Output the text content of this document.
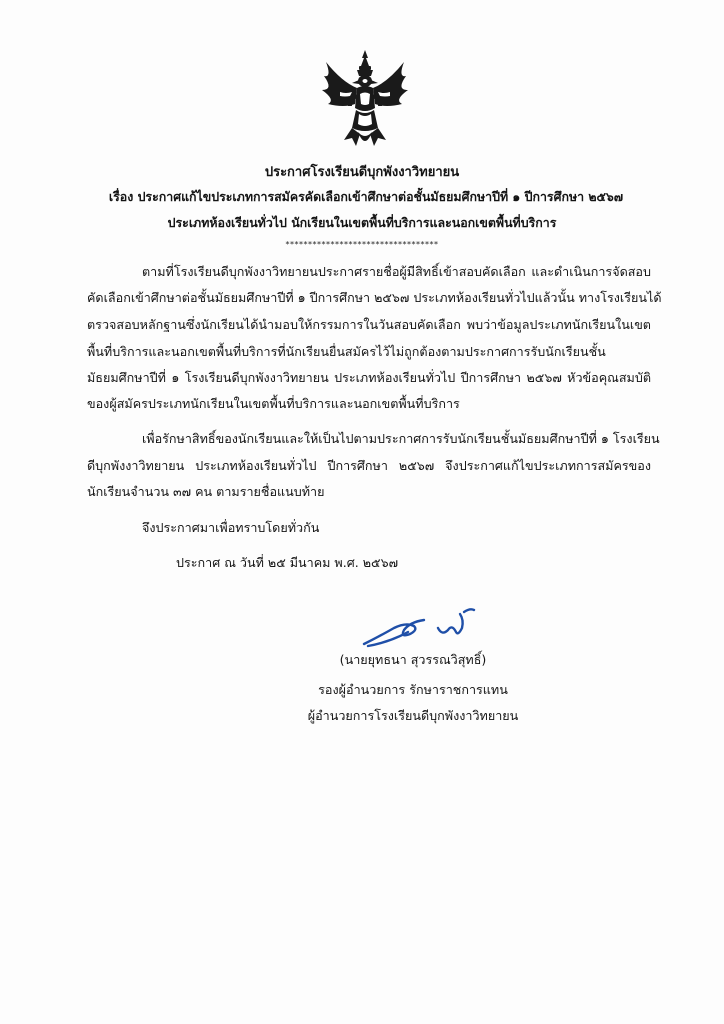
ประกาศโรงเรียนดีบุกพังงาวิทยายน
เรื่อง ประกาศแก้ไขประเภทการสมัครคัดเลือกเข้าศึกษาต่อชั้นมัธยมศึกษาปีที่ ๑ ปีการศึกษา ๒๕๖๗
ประเภทห้องเรียนทั่วไป นักเรียนในเขตพื้นที่บริการและนอกเขตพื้นที่บริการ
**********************************
ตามที่โรงเรียนดีบุกพังงาวิทยายนประกาศรายชื่อผู้มีสิทธิ์เข้าสอบคัดเลือก และดำเนินการจัดสอบ
คัดเลือกเข้าศึกษาต่อชั้นมัธยมศึกษาปีที่ ๑ ปีการศึกษา ๒๕๖๗ ประเภทห้องเรียนทั่วไปแล้วนั้น ทางโรงเรียนได้
ตรวจสอบหลักฐานซึ่งนักเรียนได้นำมอบให้กรรมการในวันสอบคัดเลือก พบว่าข้อมูลประเภทนักเรียนในเขต
พื้นที่บริการและนอกเขตพื้นที่บริการที่นักเรียนยื่นสมัครไว้ไม่ถูกต้องตามประกาศการรับนักเรียนชั้น
มัธยมศึกษาปีที่ ๑ โรงเรียนดีบุกพังงาวิทยายน ประเภทห้องเรียนทั่วไป ปีการศึกษา ๒๕๖๗ หัวข้อคุณสมบัติ
ของผู้สมัครประเภทนักเรียนในเขตพื้นที่บริการและนอกเขตพื้นที่บริการ
เพื่อรักษาสิทธิ์ของนักเรียนและให้เป็นไปตามประกาศการรับนักเรียนชั้นมัธยมศึกษาปีที่ ๑ โรงเรียน
ดีบุกพังงาวิทยายน ประเภทห้องเรียนทั่วไป ปีการศึกษา ๒๕๖๗ จึงประกาศแก้ไขประเภทการสมัครของ
นักเรียนจำนวน ๓๗ คน ตามรายชื่อแนบท้าย
จึงประกาศมาเพื่อทราบโดยทั่วกัน
ประกาศ ณ วันที่ ๒๕ มีนาคม พ.ศ. ๒๕๖๗
(นายยุทธนา สุวรรณวิสุทธิ์)
รองผู้อำนวยการ รักษาราชการแทน
ผู้อำนวยการโรงเรียนดีบุกพังงาวิทยายน
